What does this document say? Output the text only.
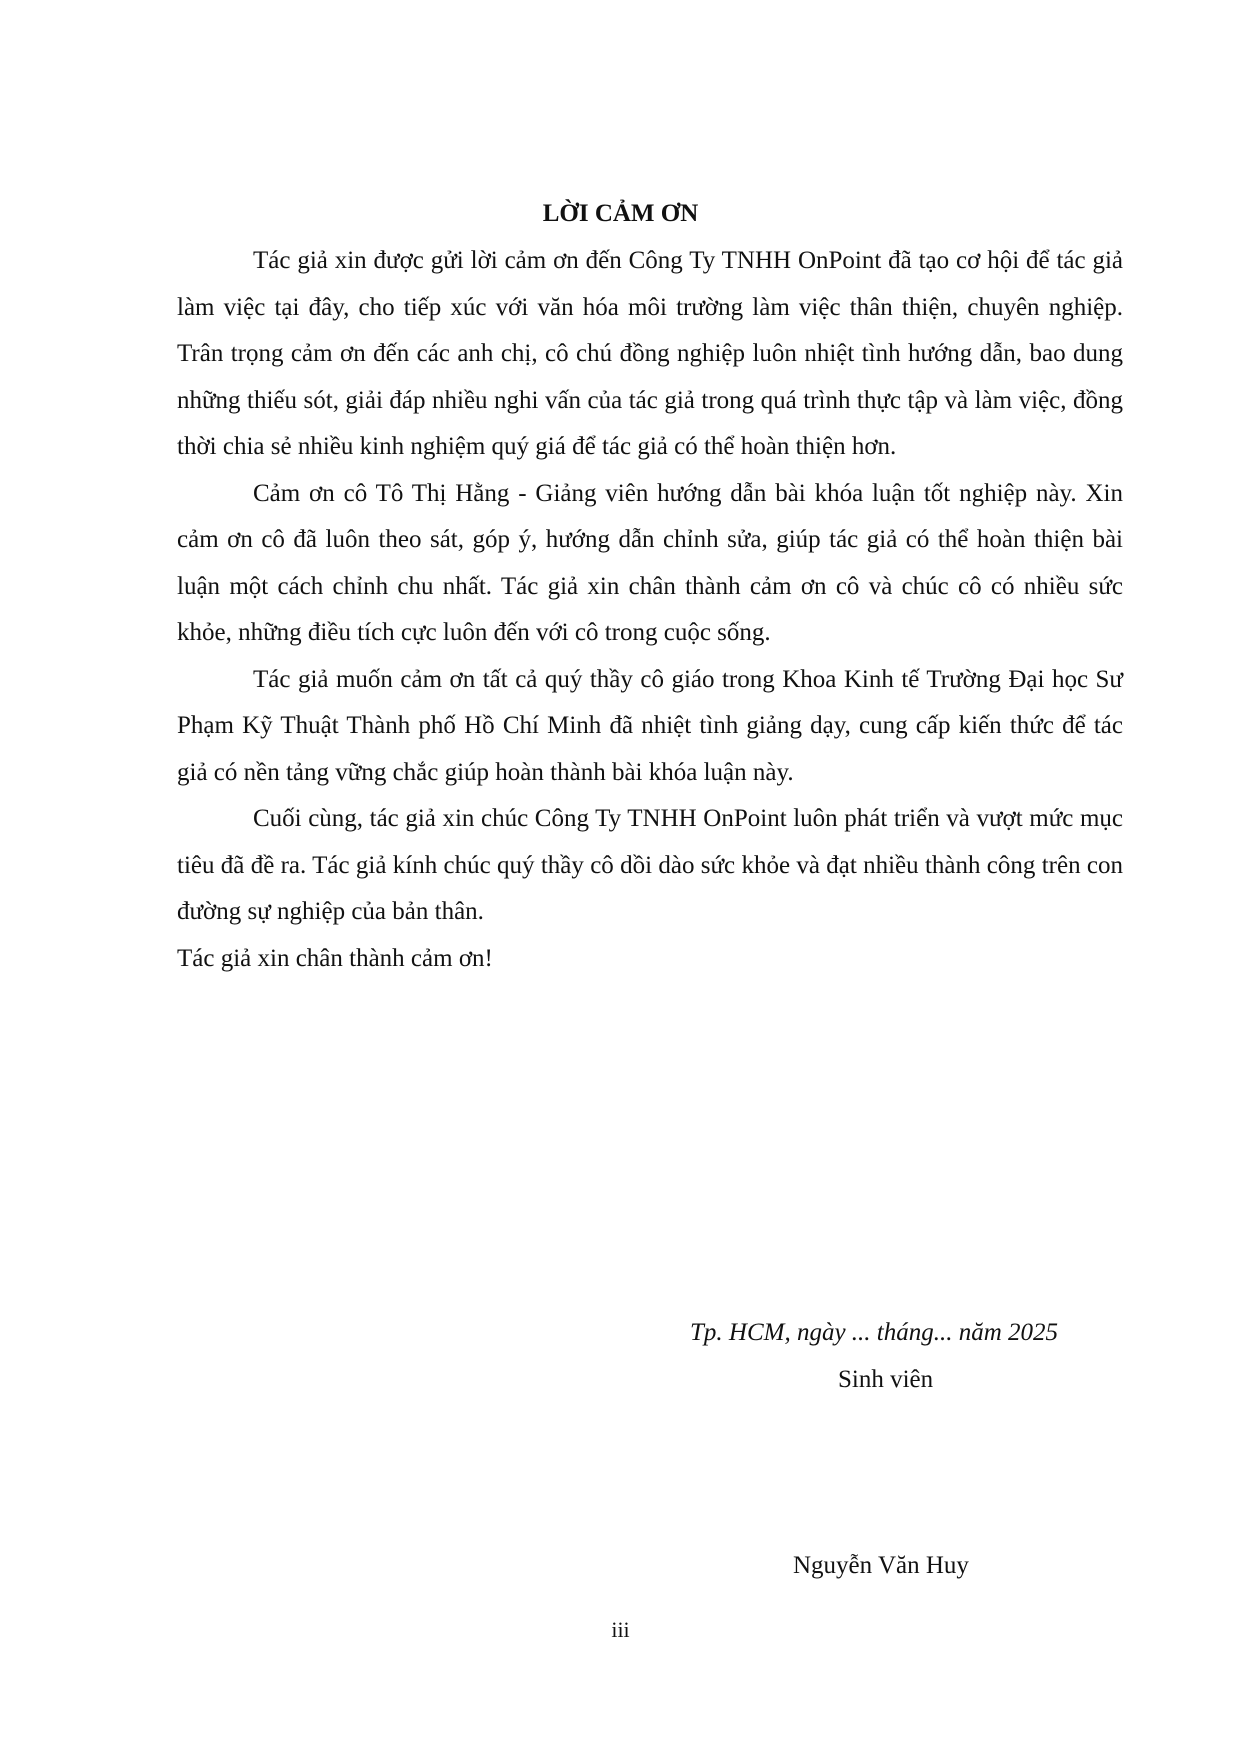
LỜI CẢM ƠN

Tác giả xin được gửi lời cảm ơn đến Công Ty TNHH OnPoint đã tạo cơ hội để tác giả làm việc tại đây, cho tiếp xúc với văn hóa môi trường làm việc thân thiện, chuyên nghiệp. Trân trọng cảm ơn đến các anh chị, cô chú đồng nghiệp luôn nhiệt tình hướng dẫn, bao dung những thiếu sót, giải đáp nhiều nghi vấn của tác giả trong quá trình thực tập và làm việc, đồng thời chia sẻ nhiều kinh nghiệm quý giá để tác giả có thể hoàn thiện hơn.

Cảm ơn cô Tô Thị Hằng - Giảng viên hướng dẫn bài khóa luận tốt nghiệp này. Xin cảm ơn cô đã luôn theo sát, góp ý, hướng dẫn chỉnh sửa, giúp tác giả có thể hoàn thiện bài luận một cách chỉnh chu nhất. Tác giả xin chân thành cảm ơn cô và chúc cô có nhiều sức khỏe, những điều tích cực luôn đến với cô trong cuộc sống.

Tác giả muốn cảm ơn tất cả quý thầy cô giáo trong Khoa Kinh tế Trường Đại học Sư Phạm Kỹ Thuật Thành phố Hồ Chí Minh đã nhiệt tình giảng dạy, cung cấp kiến thức để tác giả có nền tảng vững chắc giúp hoàn thành bài khóa luận này.

Cuối cùng, tác giả xin chúc Công Ty TNHH OnPoint luôn phát triển và vượt mức mục tiêu đã đề ra. Tác giả kính chúc quý thầy cô dồi dào sức khỏe và đạt nhiều thành công trên con đường sự nghiệp của bản thân.

Tác giả xin chân thành cảm ơn!

Tp. HCM, ngày ... tháng... năm 2025
Sinh viên
Nguyễn Văn Huy
iii
